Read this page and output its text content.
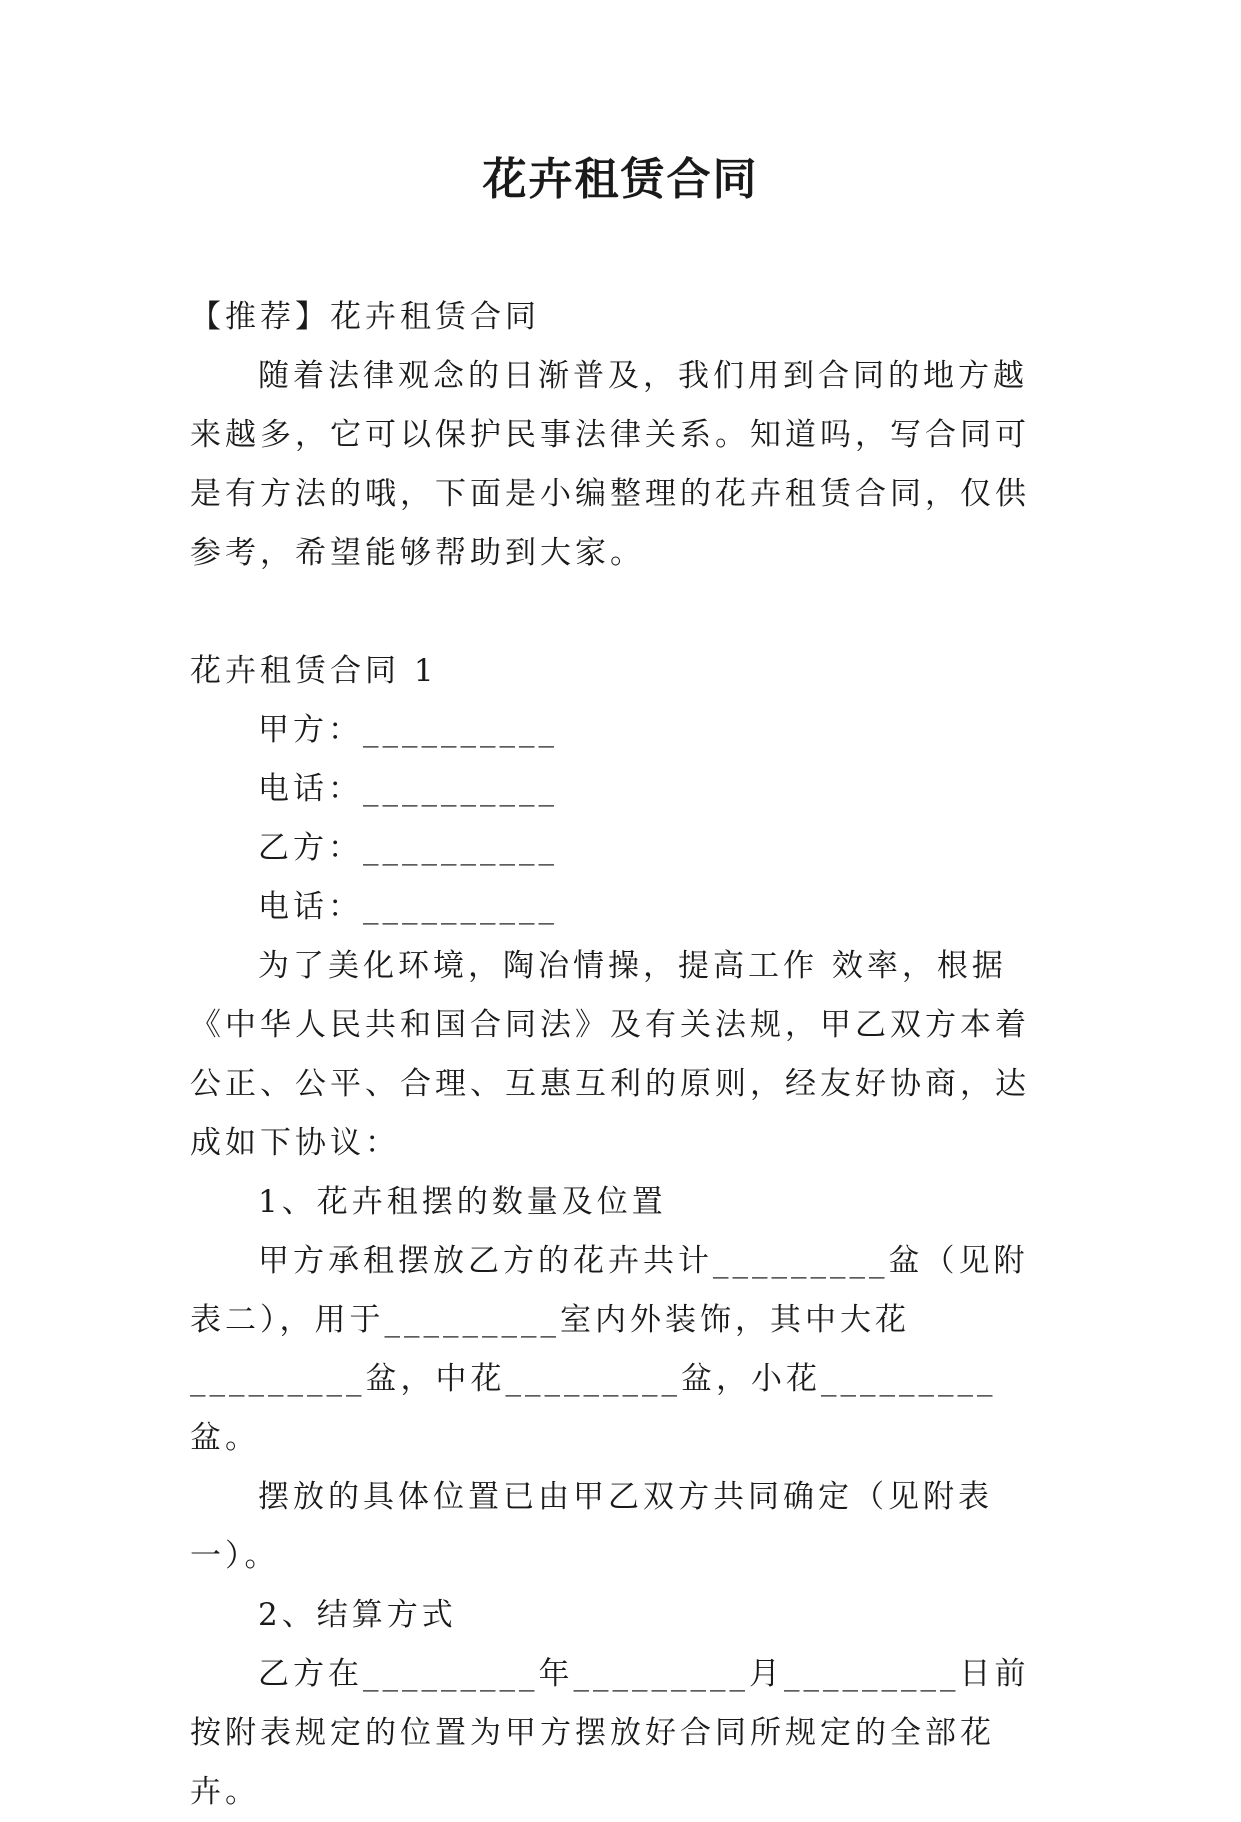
花卉租赁合同

【推荐】花卉租赁合同

随着法律观念的日渐普及，我们用到合同的地方越来越多，它可以保护民事法律关系。知道吗，写合同可是有方法的哦，下面是小编整理的花卉租赁合同，仅供参考，希望能够帮助到大家。

花卉租赁合同 1

甲方：__________

电话：__________

乙方：__________

电话：__________

为了美化环境，陶冶情操，提高工作 效率，根据《中华人民共和国合同法》及有关法规，甲乙双方本着公正、公平、合理、互惠互利的原则，经友好协商，达成如下协议：

1、花卉租摆的数量及位置

甲方承租摆放乙方的花卉共计_________盆（见附表二），用于_________室内外装饰，其中大花_________盆，中花_________盆，小花_________盆。

摆放的具体位置已由甲乙双方共同确定（见附表一）。

2、结算方式

乙方在_________年_________月_________日前按附表规定的位置为甲方摆放好合同所规定的全部花卉。
